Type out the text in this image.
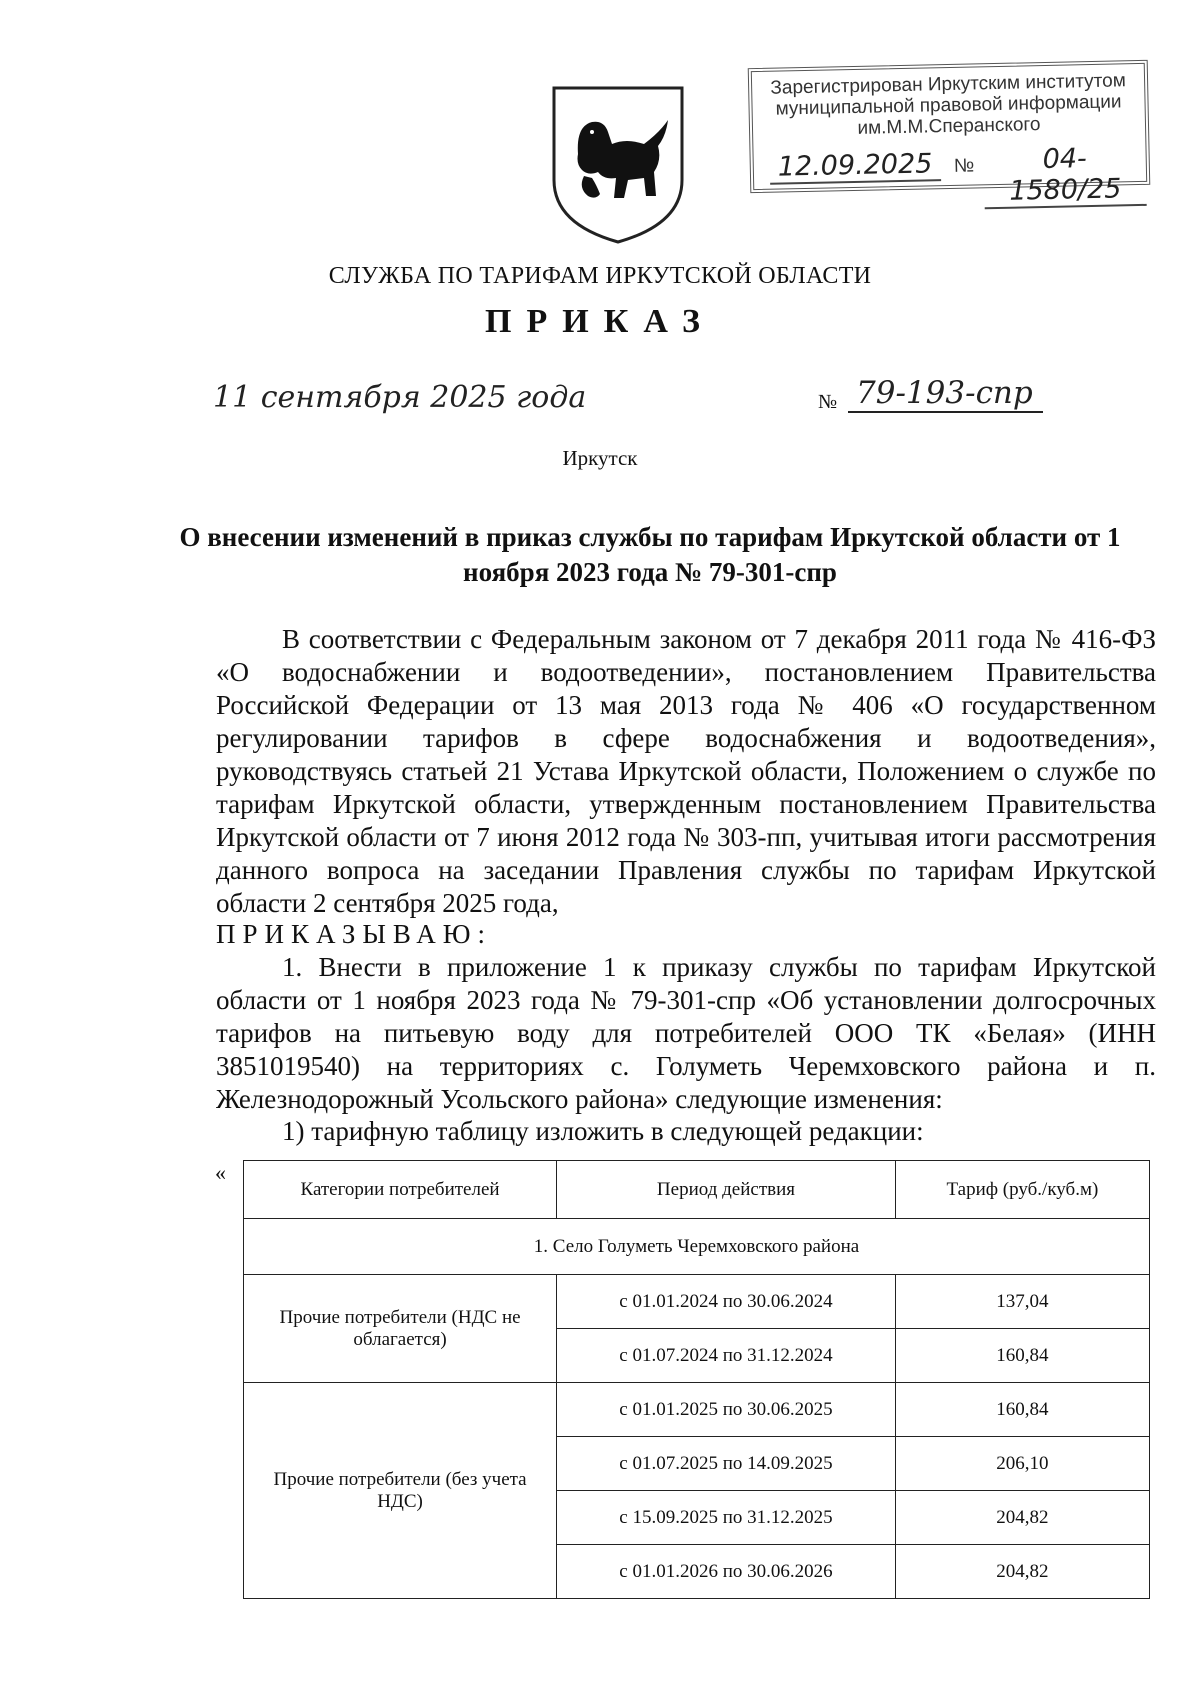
Зарегистрирован Иркутским институтом
муниципальной правовой информации
им.М.М.Сперанского
12.09.2025	№	04-1580/25
СЛУЖБА ПО ТАРИФАМ ИРКУТСКОЙ ОБЛАСТИ
ПРИКАЗ
11 сентября 2025 года	№ 79-193-спр
Иркутск
О внесении изменений в приказ службы по тарифам Иркутской области от 1 ноября 2023 года № 79-301-спр
В соответствии с Федеральным законом от 7 декабря 2011 года № 416-ФЗ «О водоснабжении и водоотведении», постановлением Правительства Российской Федерации от 13 мая 2013 года № 406 «О государственном регулировании тарифов в сфере водоснабжения и водоотведения», руководствуясь статьей 21 Устава Иркутской области, Положением о службе по тарифам Иркутской области, утвержденным постановлением Правительства Иркутской области от 7 июня 2012 года № 303-пп, учитывая итоги рассмотрения данного вопроса на заседании Правления службы по тарифам Иркутской области 2 сентября 2025 года,
ПРИКАЗЫВАЮ:
1. Внести в приложение 1 к приказу службы по тарифам Иркутской области от 1 ноября 2023 года № 79-301-спр «Об установлении долгосрочных тарифов на питьевую воду для потребителей ООО ТК «Белая» (ИНН 3851019540) на территориях с. Голуметь Черемховского района и п. Железнодорожный Усольского района» следующие изменения:
1) тарифную таблицу изложить в следующей редакции:
«
Категории потребителей	Период действия	Тариф (руб./куб.м)
1. Село Голуметь Черемховского района		
Прочие потребители (НДС не облагается)	с 01.01.2024 по 30.06.2024	137,04
	с 01.07.2024 по 31.12.2024	160,84
Прочие потребители (без учета НДС)	с 01.01.2025 по 30.06.2025	160,84
	с 01.07.2025 по 14.09.2025	206,10
	с 15.09.2025 по 31.12.2025	204,82
	с 01.01.2026 по 30.06.2026	204,82
